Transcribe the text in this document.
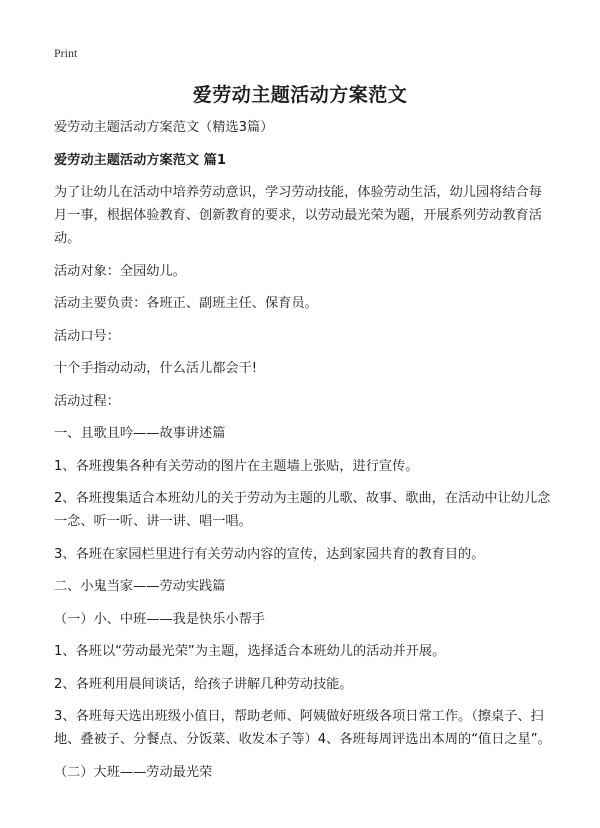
Print
爱劳动主题活动方案范文

爱劳动主题活动方案范文（精选3篇）

爱劳动主题活动方案范文 篇1

为了让幼儿在活动中培养劳动意识，学习劳动技能，体验劳动生活，幼儿园将结合每月一事，根据体验教育、创新教育的要求，以劳动最光荣为题，开展系列劳动教育活动。

活动对象：全园幼儿。

活动主要负责：各班正、副班主任、保育员。

活动口号：

十个手指动动动，什么活儿都会干!

活动过程：

一、且歌且吟——故事讲述篇

1、各班搜集各种有关劳动的图片在主题墙上张贴，进行宣传。

2、各班搜集适合本班幼儿的关于劳动为主题的儿歌、故事、歌曲，在活动中让幼儿念一念、听一听、讲一讲、唱一唱。

3、各班在家园栏里进行有关劳动内容的宣传，达到家园共育的教育目的。

二、小鬼当家——劳动实践篇

（一）小、中班——我是快乐小帮手

1、各班以“劳动最光荣”为主题，选择适合本班幼儿的活动并开展。

2、各班利用晨间谈话，给孩子讲解几种劳动技能。

3、各班每天选出班级小值日，帮助老师、阿姨做好班级各项日常工作。（擦桌子、扫地、叠被子、分餐点、分饭菜、收发本子等）4、各班每周评选出本周的“值日之星”。

（二）大班——劳动最光荣
